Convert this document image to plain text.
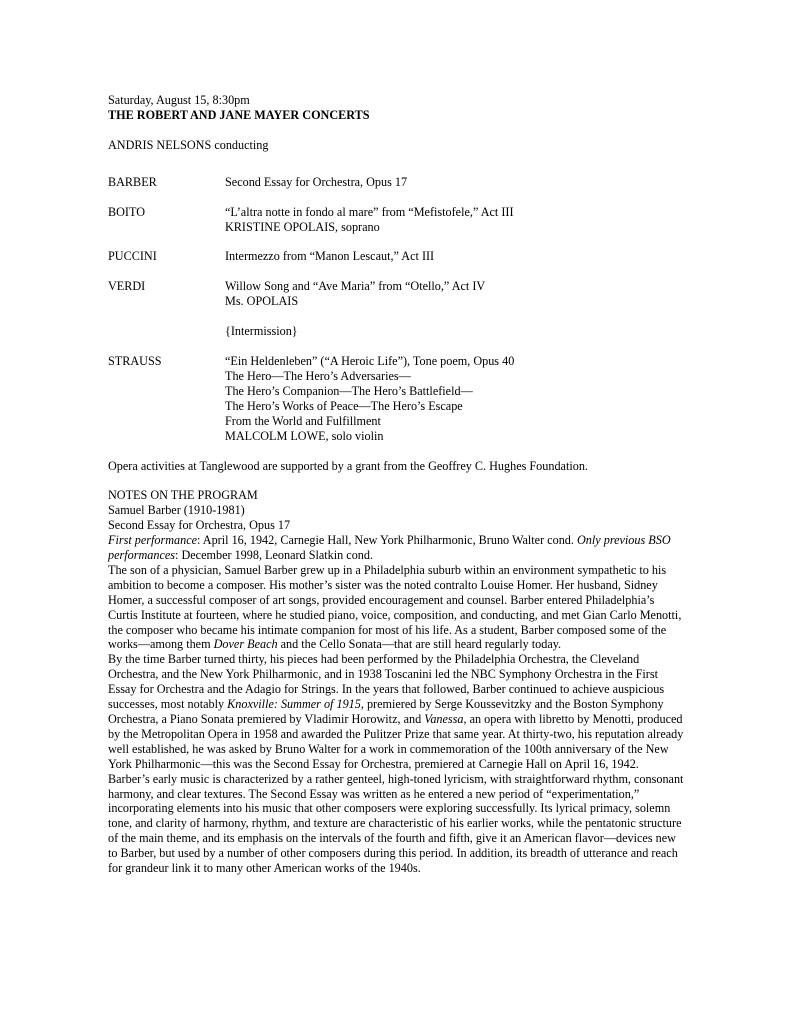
Saturday, August 15, 8:30pm
THE ROBERT AND JANE MAYER CONCERTS
ANDRIS NELSONS conducting
BARBER	Second Essay for Orchestra, Opus 17
BOITO	“L’altra notte in fondo al mare” from “Mefistofele,” Act III
KRISTINE OPOLAIS, soprano
PUCCINI	Intermezzo from “Manon Lescaut,” Act III
VERDI	Willow Song and “Ave Maria” from “Otello,” Act IV
Ms. OPOLAIS
{Intermission}
STRAUSS	“Ein Heldenleben” (“A Heroic Life”), Tone poem, Opus 40
The Hero—The Hero’s Adversaries—
The Hero’s Companion—The Hero’s Battlefield—
The Hero’s Works of Peace—The Hero’s Escape
From the World and Fulfillment
MALCOLM LOWE, solo violin
Opera activities at Tanglewood are supported by a grant from the Geoffrey C. Hughes Foundation.
NOTES ON THE PROGRAM
Samuel Barber (1910-1981)
Second Essay for Orchestra, Opus 17
First performance: April 16, 1942, Carnegie Hall, New York Philharmonic, Bruno Walter cond. Only previous BSO performances: December 1998, Leonard Slatkin cond.
The son of a physician, Samuel Barber grew up in a Philadelphia suburb within an environment sympathetic to his ambition to become a composer. His mother’s sister was the noted contralto Louise Homer. Her husband, Sidney Homer, a successful composer of art songs, provided encouragement and counsel. Barber entered Philadelphia’s Curtis Institute at fourteen, where he studied piano, voice, composition, and conducting, and met Gian Carlo Menotti, the composer who became his intimate companion for most of his life. As a student, Barber composed some of the works—among them Dover Beach and the Cello Sonata—that are still heard regularly today.
By the time Barber turned thirty, his pieces had been performed by the Philadelphia Orchestra, the Cleveland Orchestra, and the New York Philharmonic, and in 1938 Toscanini led the NBC Symphony Orchestra in the First Essay for Orchestra and the Adagio for Strings. In the years that followed, Barber continued to achieve auspicious successes, most notably Knoxville: Summer of 1915, premiered by Serge Koussevitzky and the Boston Symphony Orchestra, a Piano Sonata premiered by Vladimir Horowitz, and Vanessa, an opera with libretto by Menotti, produced by the Metropolitan Opera in 1958 and awarded the Pulitzer Prize that same year. At thirty-two, his reputation already well established, he was asked by Bruno Walter for a work in commemoration of the 100th anniversary of the New York Philharmonic—this was the Second Essay for Orchestra, premiered at Carnegie Hall on April 16, 1942.
Barber’s early music is characterized by a rather genteel, high-toned lyricism, with straightforward rhythm, consonant harmony, and clear textures. The Second Essay was written as he entered a new period of “experimentation,” incorporating elements into his music that other composers were exploring successfully. Its lyrical primacy, solemn tone, and clarity of harmony, rhythm, and texture are characteristic of his earlier works, while the pentatonic structure of the main theme, and its emphasis on the intervals of the fourth and fifth, give it an American flavor—devices new to Barber, but used by a number of other composers during this period. In addition, its breadth of utterance and reach for grandeur link it to many other American works of the 1940s.
